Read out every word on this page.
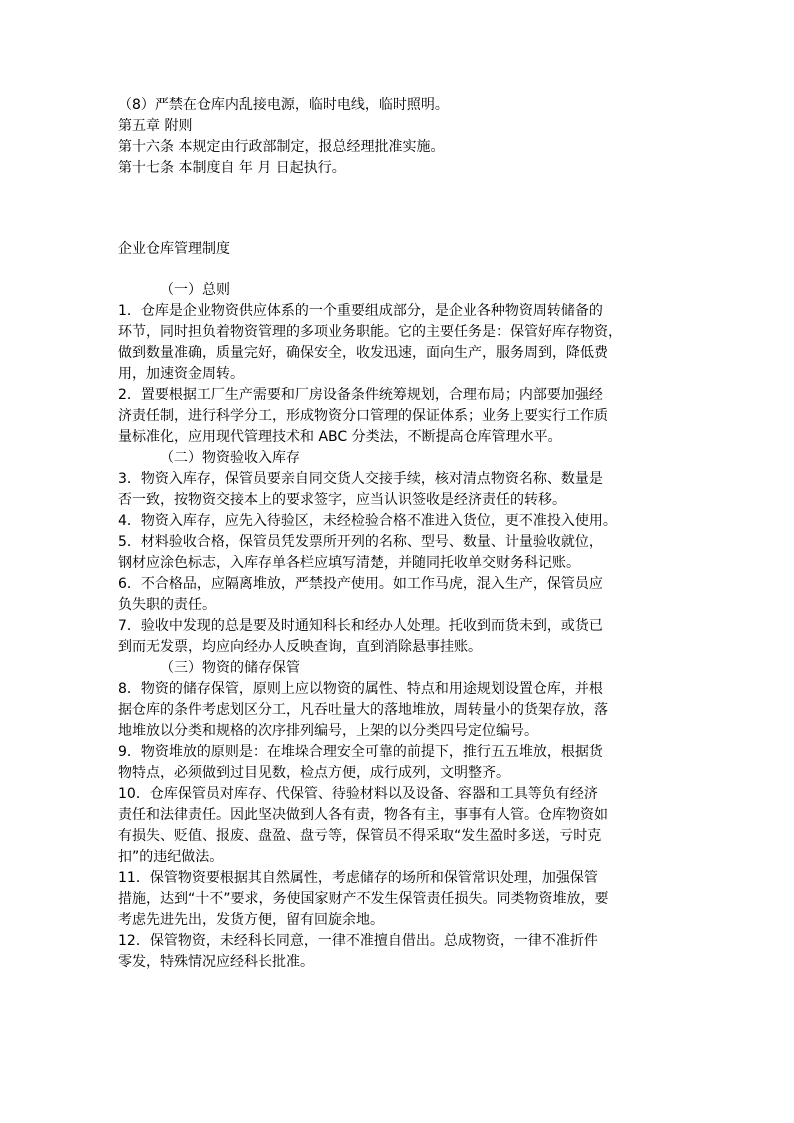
（8）严禁在仓库内乱接电源，临时电线，临时照明。
第五章 附则
第十六条 本规定由行政部制定，报总经理批准实施。
第十七条 本制度自 年 月 日起执行。
企业仓库管理制度
（一）总则
1．仓库是企业物资供应体系的一个重要组成部分，是企业各种物资周转储备的
环节，同时担负着物资管理的多项业务职能。它的主要任务是：保管好库存物资，
做到数量准确，质量完好，确保安全，收发迅速，面向生产，服务周到，降低费
用，加速资金周转。
2．置要根据工厂生产需要和厂房设备条件统筹规划，合理布局；内部要加强经
济责任制，进行科学分工，形成物资分口管理的保证体系；业务上要实行工作质
量标准化，应用现代管理技术和 ABC 分类法，不断提高仓库管理水平。
（二）物资验收入库存
3．物资入库存，保管员要亲自同交货人交接手续，核对清点物资名称、数量是
否一致，按物资交接本上的要求签字，应当认识签收是经济责任的转移。
4．物资入库存，应先入待验区，未经检验合格不准进入货位，更不准投入使用。
5．材料验收合格，保管员凭发票所开列的名称、型号、数量、计量验收就位，
钢材应涂色标志，入库存单各栏应填写清楚，并随同托收单交财务科记账。
6．不合格品，应隔离堆放，严禁投产使用。如工作马虎，混入生产，保管员应
负失职的责任。
7．验收中发现的总是要及时通知科长和经办人处理。托收到而货未到，或货已
到而无发票，均应向经办人反映查询，直到消除悬事挂账。
（三）物资的储存保管
8．物资的储存保管，原则上应以物资的属性、特点和用途规划设置仓库，并根
据仓库的条件考虑划区分工，凡吞吐量大的落地堆放，周转量小的货架存放，落
地堆放以分类和规格的次序排列编号，上架的以分类四号定位编号。
9．物资堆放的原则是：在堆垛合理安全可靠的前提下，推行五五堆放，根据货
物特点，必须做到过目见数，检点方便，成行成列，文明整齐。
10．仓库保管员对库存、代保管、待验材料以及设备、容器和工具等负有经济
责任和法律责任。因此坚决做到人各有责，物各有主，事事有人管。仓库物资如
有损失、贬值、报废、盘盈、盘亏等，保管员不得采取“发生盈时多送，亏时克
扣”的违纪做法。
11．保管物资要根据其自然属性，考虑储存的场所和保管常识处理，加强保管
措施，达到“十不”要求，务使国家财产不发生保管责任损失。同类物资堆放，要
考虑先进先出，发货方便，留有回旋余地。
12．保管物资，未经科长同意，一律不准擅自借出。总成物资，一律不准折件
零发，特殊情况应经科长批准。
